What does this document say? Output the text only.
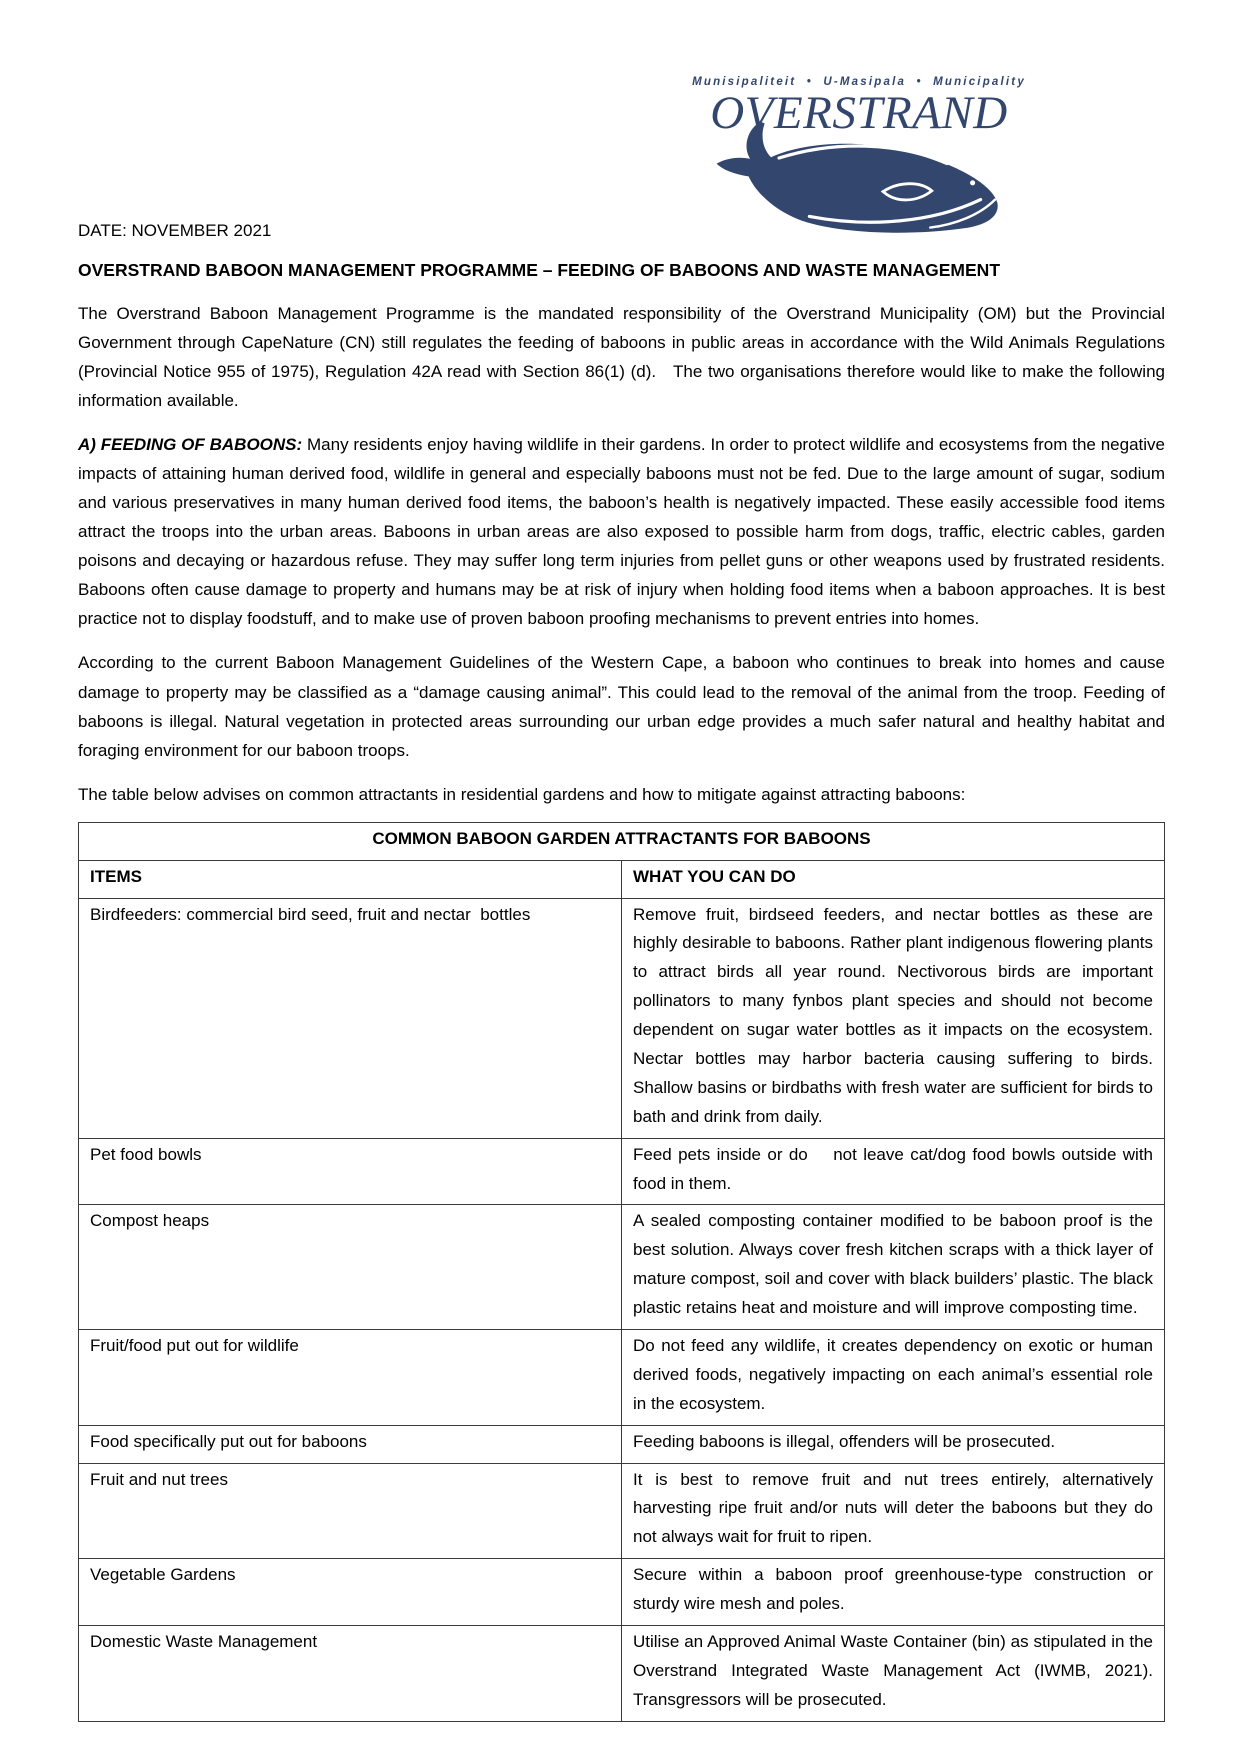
Munisipaliteit • U-Masipala • Municipality
OVERSTRAND
DATE: NOVEMBER 2021
OVERSTRAND BABOON MANAGEMENT PROGRAMME – FEEDING OF BABOONS AND WASTE MANAGEMENT

The Overstrand Baboon Management Programme is the mandated responsibility of the Overstrand Municipality (OM) but the Provincial Government through CapeNature (CN) still regulates the feeding of baboons in public areas in accordance with the Wild Animals Regulations (Provincial Notice 955 of 1975), Regulation 42A read with Section 86(1) (d).   The two organisations therefore would like to make the following information available.

A) FEEDING OF BABOONS: Many residents enjoy having wildlife in their gardens. In order to protect wildlife and ecosystems from the negative impacts of attaining human derived food, wildlife in general and especially baboons must not be fed. Due to the large amount of sugar, sodium and various preservatives in many human derived food items, the baboon’s health is negatively impacted. These easily accessible food items attract the troops into the urban areas. Baboons in urban areas are also exposed to possible harm from dogs, traffic, electric cables, garden poisons and decaying or hazardous refuse. They may suffer long term injuries from pellet guns or other weapons used by frustrated residents. Baboons often cause damage to property and humans may be at risk of injury when holding food items when a baboon approaches. It is best practice not to display foodstuff, and to make use of proven baboon proofing mechanisms to prevent entries into homes.

According to the current Baboon Management Guidelines of the Western Cape, a baboon who continues to break into homes and cause damage to property may be classified as a “damage causing animal”. This could lead to the removal of the animal from the troop. Feeding of baboons is illegal. Natural vegetation in protected areas surrounding our urban edge provides a much safer natural and healthy habitat and foraging environment for our baboon troops.

The table below advises on common attractants in residential gardens and how to mitigate against attracting baboons:

COMMON BABOON GARDEN ATTRACTANTS FOR BABOONS	
ITEMS	WHAT YOU CAN DO
Birdfeeders: commercial bird seed, fruit and nectar  bottles	Remove fruit, birdseed feeders, and nectar bottles as these are highly desirable to baboons. Rather plant indigenous flowering plants to attract birds all year round. Nectivorous birds are important pollinators to many fynbos plant species and should not become dependent on sugar water bottles as it impacts on the ecosystem. Nectar bottles may harbor bacteria causing suffering to birds. Shallow basins or birdbaths with fresh water are sufficient for birds to bath and drink from daily.
Pet food bowls	Feed pets inside or do    not leave cat/dog food bowls outside with food in them.
Compost heaps	A sealed composting container modified to be baboon proof is the best solution. Always cover fresh kitchen scraps with a thick layer of mature compost, soil and cover with black builders’ plastic. The black plastic retains heat and moisture and will improve composting time.
Fruit/food put out for wildlife	Do not feed any wildlife, it creates dependency on exotic or human derived foods, negatively impacting on each animal’s essential role in the ecosystem.
Food specifically put out for baboons	Feeding baboons is illegal, offenders will be prosecuted.
Fruit and nut trees	It is best to remove fruit and nut trees entirely, alternatively harvesting ripe fruit and/or nuts will deter the baboons but they do not always wait for fruit to ripen.
Vegetable Gardens	Secure within a baboon proof greenhouse-type construction or sturdy wire mesh and poles.
Domestic Waste Management	Utilise an Approved Animal Waste Container (bin) as stipulated in the Overstrand Integrated Waste Management Act (IWMB, 2021). Transgressors will be prosecuted.
